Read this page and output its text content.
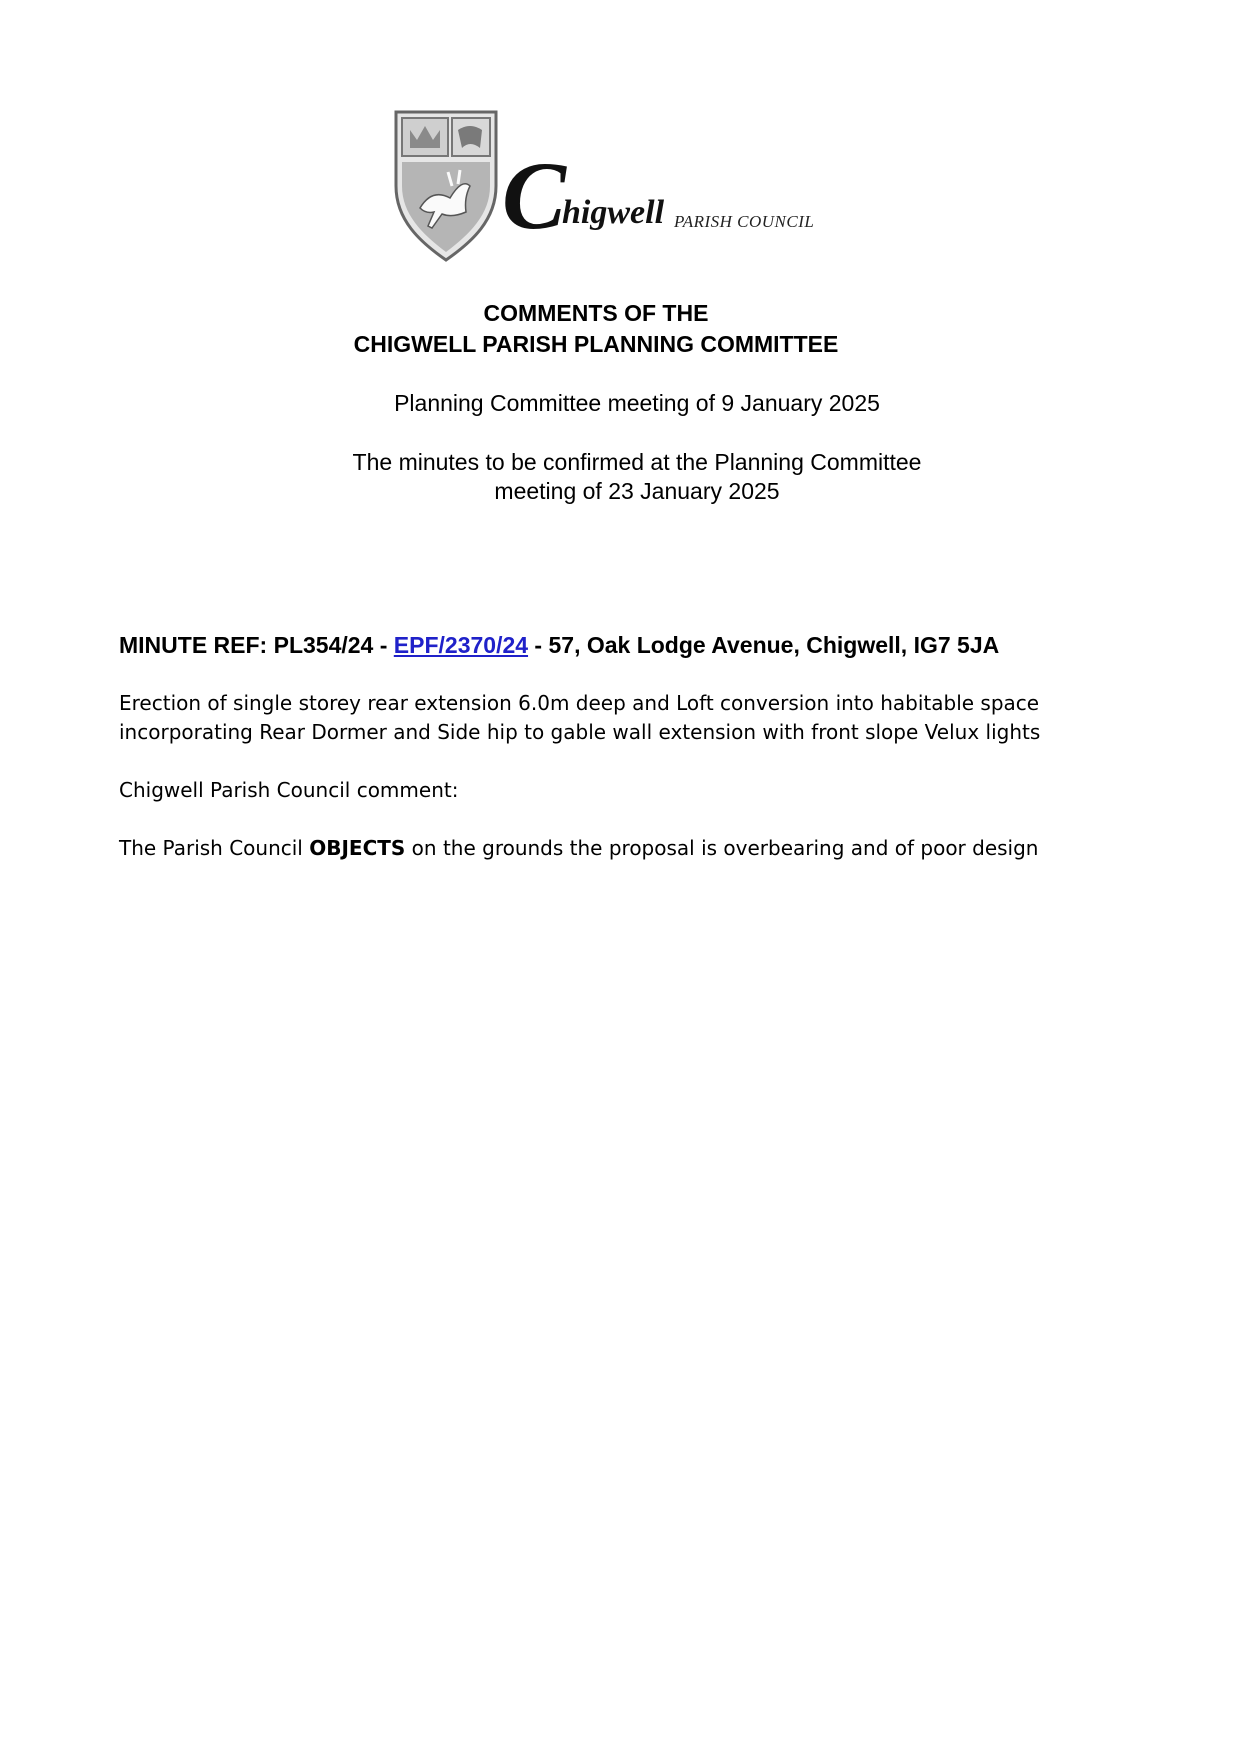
C
higwell PARISH COUNCIL
COMMENTS OF THE
CHIGWELL PARISH PLANNING COMMITTEE
Planning Committee meeting of 9 January 2025
The minutes to be confirmed at the Planning Committee
meeting of 23 January 2025
MINUTE REF: PL354/24 - EPF/2370/24 - 57, Oak Lodge Avenue, Chigwell, IG7 5JA
Erection of single storey rear extension 6.0m deep and Loft conversion into habitable space
incorporating Rear Dormer and Side hip to gable wall extension with front slope Velux lights
Chigwell Parish Council comment:
The Parish Council OBJECTS on the grounds the proposal is overbearing and of poor design
